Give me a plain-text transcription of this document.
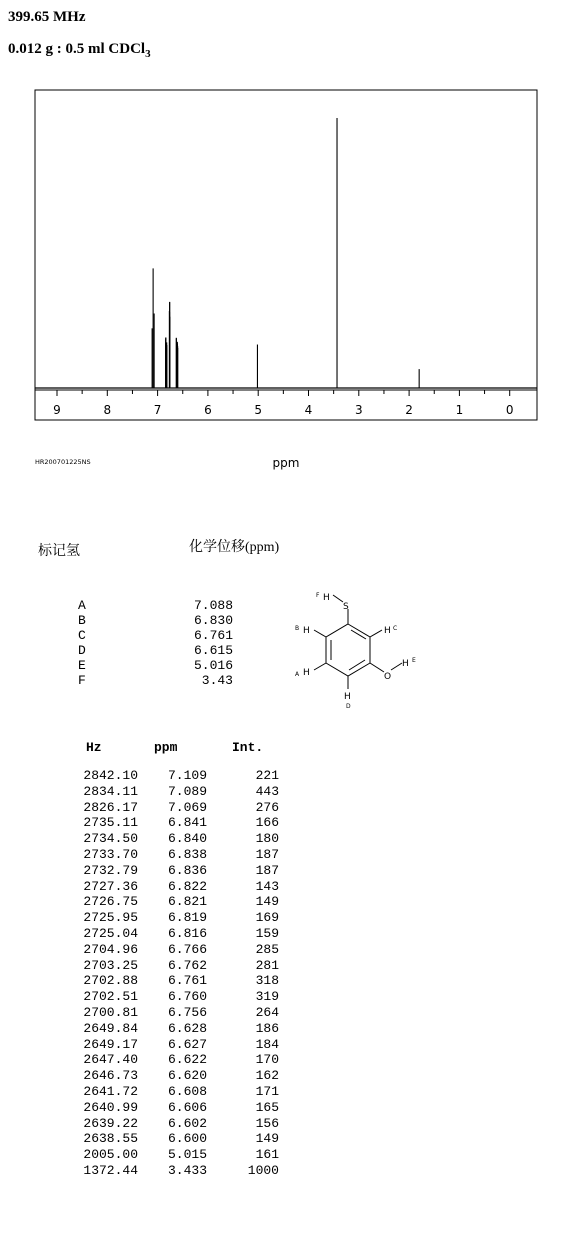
399.65 MHz
0.012 g : 0.5 ml CDCl$_3$
9	8	7	6	5	4	3	2	1	0
ppm
HR200701225NS
标记氢	化学位移(ppm)
A	7.088
B	6.830
C	6.761
D	6.615
E	5.016
F	3.43
F H
S
B H	H C
A H	O
H E
H
D
Hz	ppm	Int.
2842.10 7.109	221
2834.11 7.089	443
2826.17 7.069	276
2735.11 6.841	166
2734.50 6.840	180
2733.70 6.838	187
2732.79 6.836	187
2727.36 6.822	143
2726.75 6.821	149
2725.95 6.819	169
2725.04 6.816	159
2704.96 6.766	285
2703.25 6.762	281
2702.88 6.761	318
2702.51 6.760	319
2700.81 6.756	264
2649.84 6.628	186
2649.17 6.627	184
2647.40 6.622	170
2646.73 6.620	162
2641.72 6.608	171
2640.99 6.606	165
2639.22 6.602	156
2638.55 6.600	149
2005.00 5.015	161
1372.44 3.433	1000
